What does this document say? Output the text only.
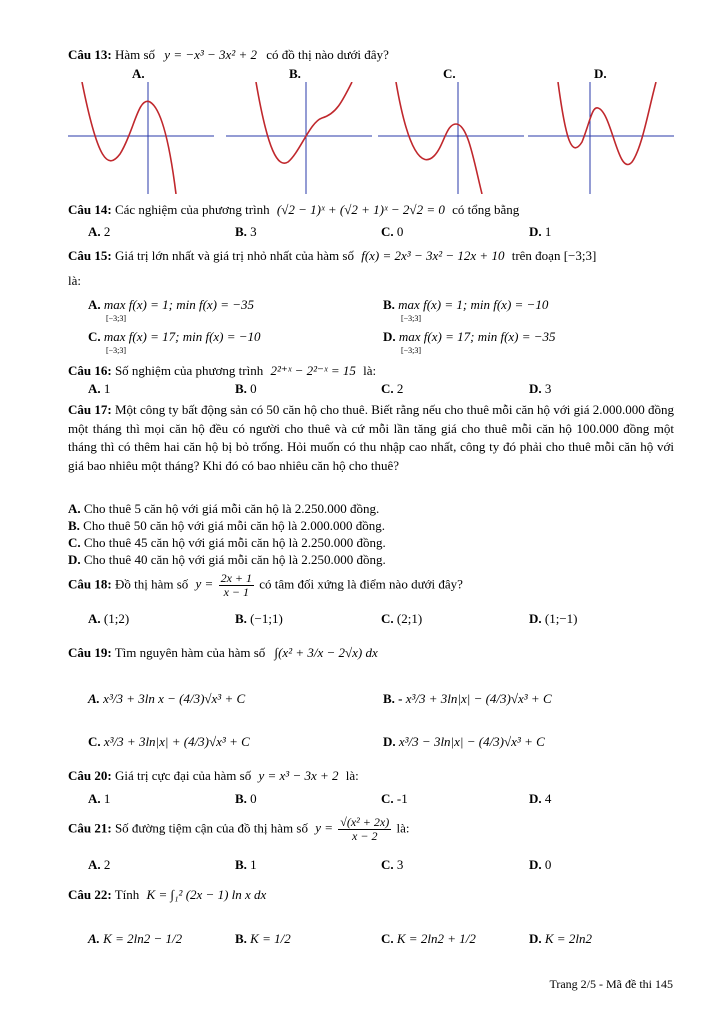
Câu 13: Hàm số y = −x³ − 3x² + 2 có đồ thị nào dưới đây?
A.	B.	C.	D.
Câu 14: Các nghiệm của phương trình (√2 − 1)ˣ + (√2 + 1)ˣ − 2√2 = 0 có tổng bằng
A. 2	B. 3	C. 0	D. 1
Câu 15: Giá trị lớn nhất và giá trị nhỏ nhất của hàm số f(x) = 2x³ − 3x² − 12x + 10 trên đoạn [−3;3]
là:
A. max f(x) = 1; min f(x) = −35
[−3;3]
B. max f(x) = 1; min f(x) = −10
[−3;3]
C. max f(x) = 17; min f(x) = −10
[−3;3]
D. max f(x) = 17; min f(x) = −35
[−3;3]
Câu 16: Số nghiệm của phương trình 2²⁺ˣ − 2²⁻ˣ = 15 là:
A. 1	B. 0	C. 2	D. 3
Câu 17: Một công ty bất động sản có 50 căn hộ cho thuê. Biết rằng nếu cho thuê mỗi căn hộ với giá 2.000.000 đồng một tháng thì mọi căn hộ đều có người cho thuê và cứ mỗi lần tăng giá cho thuê mỗi căn hộ 100.000 đồng một tháng thì có thêm hai căn hộ bị bỏ trống. Hỏi muốn có thu nhập cao nhất, công ty đó phải cho thuê mỗi căn hộ với giá bao nhiêu một tháng? Khi đó có bao nhiêu căn hộ cho thuê?
A. Cho thuê 5 căn hộ với giá mỗi căn hộ là 2.250.000 đồng.
B. Cho thuê 50 căn hộ với giá mỗi căn hộ là 2.000.000 đồng.
C. Cho thuê 45 căn hộ với giá mỗi căn hộ là 2.250.000 đồng.
D. Cho thuê 40 căn hộ với giá mỗi căn hộ là 2.250.000 đồng.
Câu 18: Đồ thị hàm số $y = \frac{2x + 1}{x - 1}$ có tâm đối xứng là điểm nào dưới đây?
A. (1;2)	B. (−1;1)	C. (2;1)	D. (1;−1)
Câu 19: Tìm nguyên hàm của hàm số ∫(x² + 3/x − 2√x) dx
A. x³/3 + 3ln x − (4/3)√x³ + C	B. - x³/3 + 3ln|x| − (4/3)√x³ + C
C. x³/3 + 3ln|x| + (4/3)√x³ + C	D. x³/3 − 3ln|x| − (4/3)√x³ + C
Câu 20: Giá trị cực đại của hàm số y = x³ − 3x + 2 là:
A. 1	B. 0	C. -1	D. 4
Câu 21: Số đường tiệm cận của đồ thị hàm số $y = \frac{\text{√(x² + 2x)}}{x - 2}$ là:
A. 2	B. 1	C. 3	D. 0
Câu 22: Tính K = ∫₁² (2x − 1) ln x dx
A. K = 2ln2 − 1/2	B. K = 1/2	C. K = 2ln2 + 1/2	D. K = 2ln2
Trang 2/5 - Mã đề thi 145
